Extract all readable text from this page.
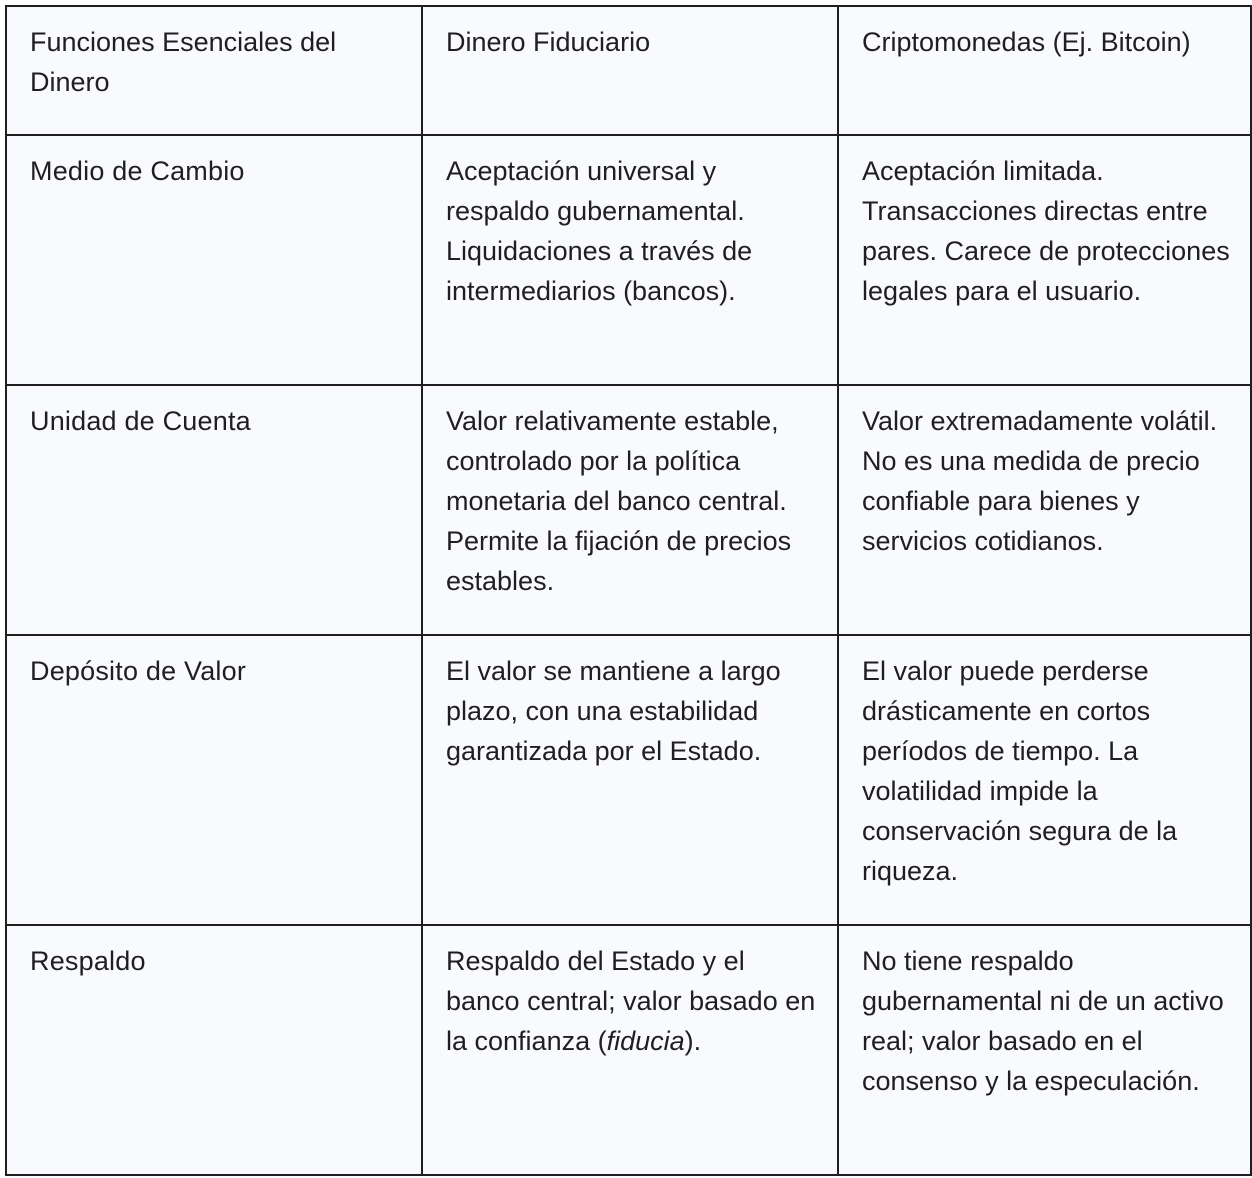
Funciones Esenciales del Dinero	Dinero Fiduciario	Criptomonedas (Ej. Bitcoin)
Medio de Cambio	Aceptación universal y respaldo gubernamental. Liquidaciones a través de intermediarios (bancos).	Aceptación limitada. Transacciones directas entre pares. Carece de protecciones legales para el usuario.
Unidad de Cuenta	Valor relativamente estable, controlado por la política monetaria del banco central. Permite la fijación de precios estables.	Valor extremadamente volátil. No es una medida de precio confiable para bienes y servicios cotidianos.
Depósito de Valor	El valor se mantiene a largo plazo, con una estabilidad garantizada por el Estado.	El valor puede perderse drásticamente en cortos períodos de tiempo. La volatilidad impide la conservación segura de la riqueza.
Respaldo	Respaldo del Estado y el banco central; valor basado en la confianza (fiducia).	No tiene respaldo gubernamental ni de un activo real; valor basado en el consenso y la especulación.
